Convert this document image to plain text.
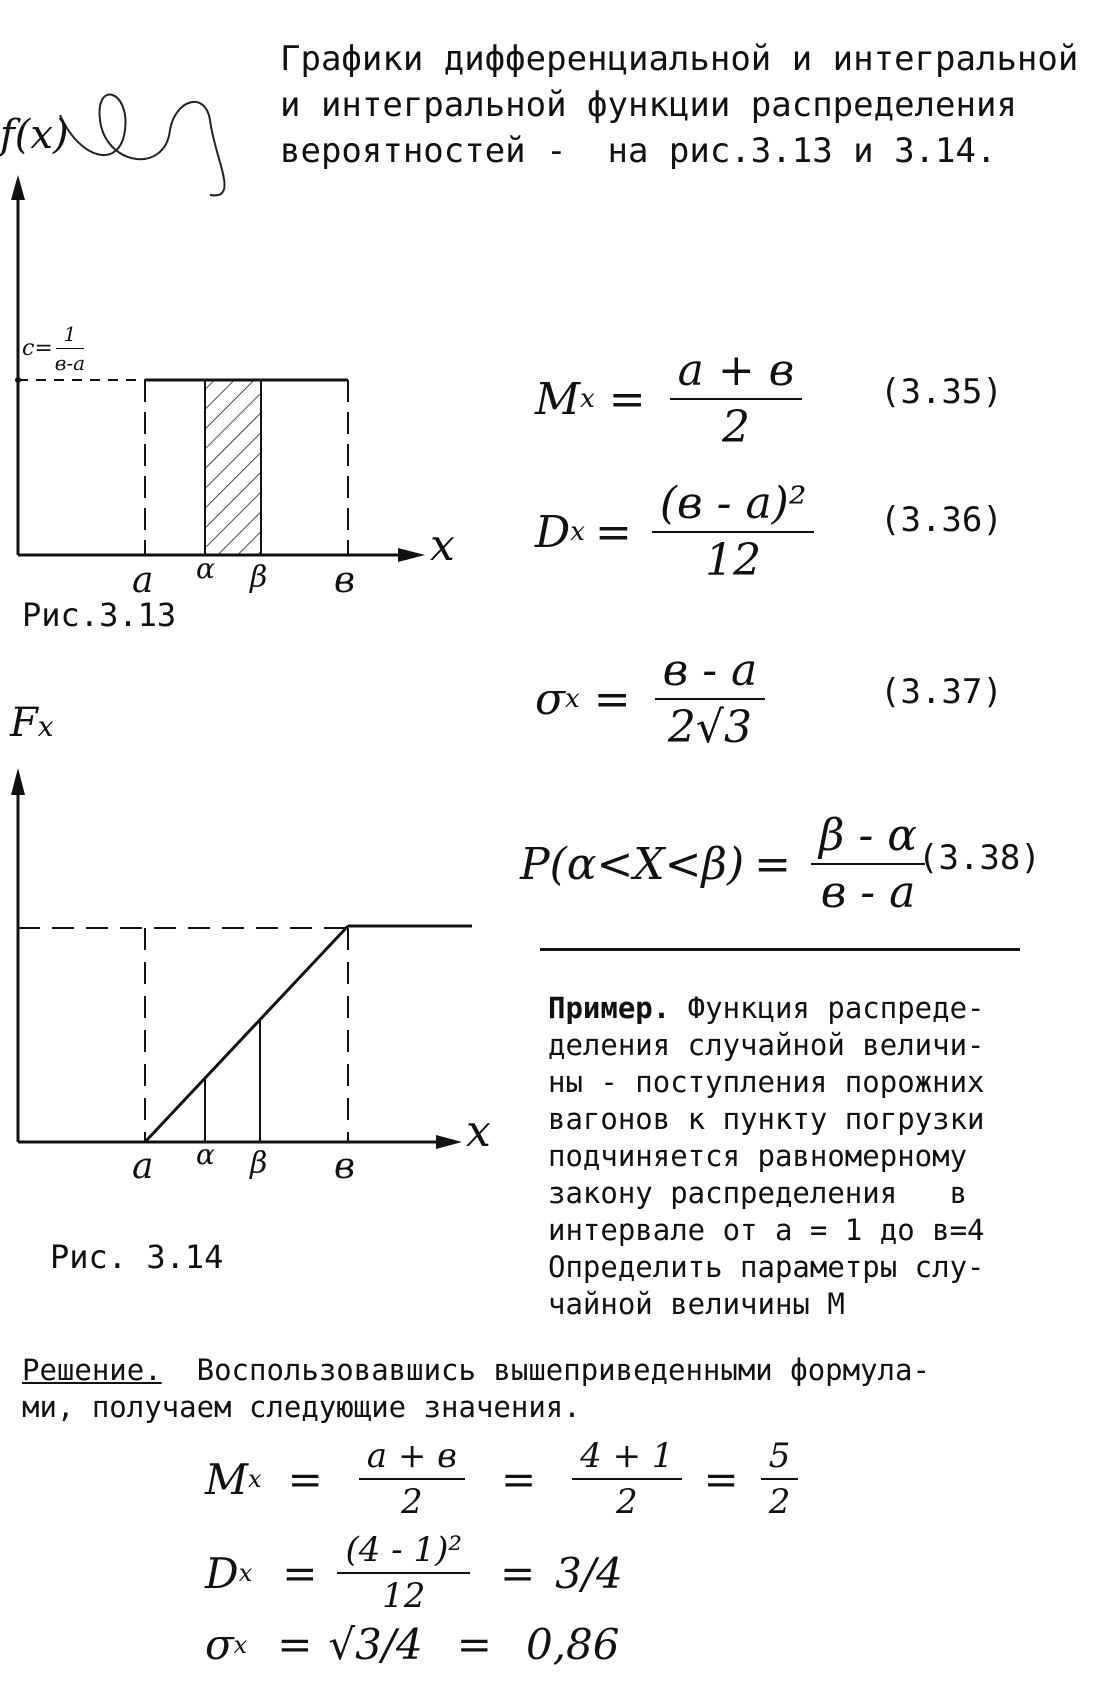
Графики дифференциальной и интегральной
и интегральной функции распределения
вероятностей -  на рис.3.13 и 3.14.
f(x)
$c= \frac{1}{в-а}$
x
а α β в
Рис.3.13
Fx
x
а α β в
Рис. 3.14
M $x = \frac{а + в}{2} (3.35)$
D $x = \frac{\text{(в - а)²}}{12} (3.36)$
σ $x = \frac{в - а}{2√3}$	(3.37)
$P(\alpha<X<\beta) = \frac{\beta - \alpha}{в - а}$
(3.38)
Пример. Функция распреде-
деления случайной величи-
ны - поступления порожних
вагонов к пункту погрузки
подчиняется равномерному
закону распределения   в
интервале от а = 1 до в=4
Определить параметры слу-
чайной величины М
Решение.  Воспользовавшись вышеприведенными формула-
ми, получаем следующие значения.
M $x = \frac{а + в}{2} = \frac{4 + 1}{2} = \frac{5}{2}$
D $x = \frac{\text{(4 - 1)²}}{12} = 3/4$
σ x = √3/4 = 0,86
